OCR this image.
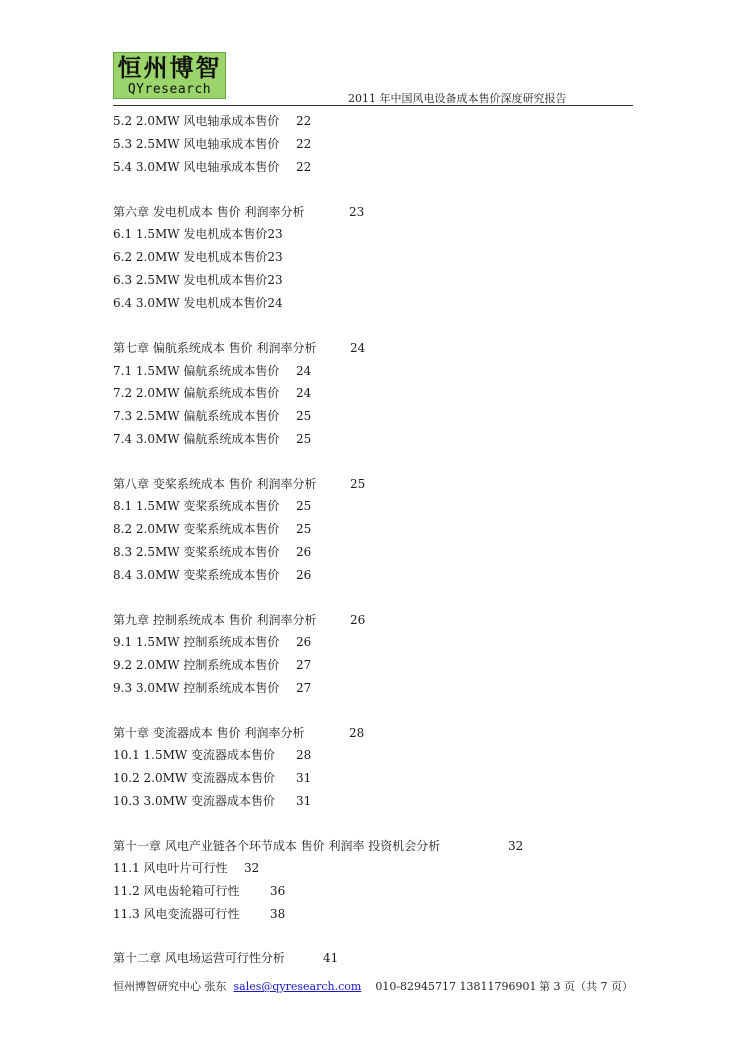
恒州博智
QYresearch
2011 年中国风电设备成本售价深度研究报告
5.2 2.0MW 风电轴承成本售价 22
5.3 2.5MW 风电轴承成本售价 22
5.4 3.0MW 风电轴承成本售价 22
第六章 发电机成本 售价 利润率分析	23
6.1 1.5MW 发电机成本售价23
6.2 2.0MW 发电机成本售价23
6.3 2.5MW 发电机成本售价23
6.4 3.0MW 发电机成本售价24
第七章 偏航系统成本 售价 利润率分析	24
7.1 1.5MW 偏航系统成本售价 24
7.2 2.0MW 偏航系统成本售价 24
7.3 2.5MW 偏航系统成本售价 25
7.4 3.0MW 偏航系统成本售价 25
第八章 变桨系统成本 售价 利润率分析	25
8.1 1.5MW 变桨系统成本售价 25
8.2 2.0MW 变桨系统成本售价 25
8.3 2.5MW 变桨系统成本售价 26
8.4 3.0MW 变桨系统成本售价 26
第九章 控制系统成本 售价 利润率分析	26
9.1 1.5MW 控制系统成本售价 26
9.2 2.0MW 控制系统成本售价 27
9.3 3.0MW 控制系统成本售价 27
第十章 变流器成本 售价 利润率分析	28
10.1 1.5MW 变流器成本售价 28
10.2 2.0MW 变流器成本售价 31
10.3 3.0MW 变流器成本售价 31
第十一章 风电产业链各个环节成本 售价 利润率 投资机会分析	32
11.1 风电叶片可行性 32
11.2 风电齿轮箱可行性	36
11.3 风电变流器可行性	38
第十二章 风电场运营可行性分析	41
恒州博智研究中心 张东 sales@qyresearch.com 010-82945717 13811796901 第 3 页（共 7 页）
